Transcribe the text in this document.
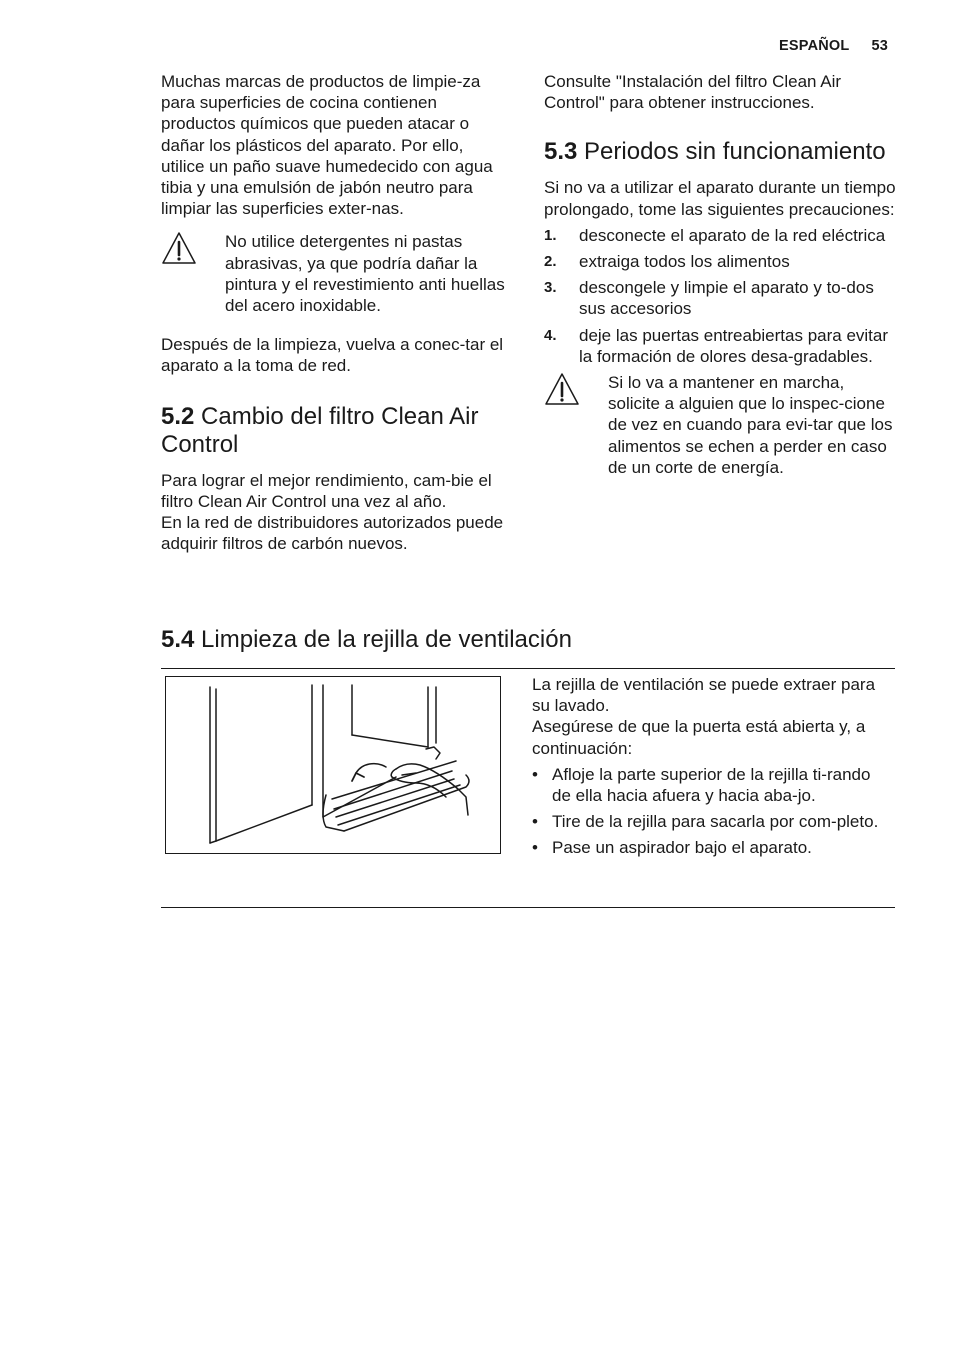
ESPAÑOL 53

Muchas marcas de productos de limpie-za para superficies de cocina contienen productos químicos que pueden atacar o dañar los plásticos del aparato. Por ello, utilice un paño suave humedecido con agua tibia y una emulsión de jabón neutro para limpiar las superficies exter-nas.

No utilice detergentes ni pastas abrasivas, ya que podría dañar la pintura y el revestimiento anti huellas del acero inoxidable.

Después de la limpieza, vuelva a conec-tar el aparato a la toma de red.

5.2 Cambio del filtro Clean Air Control

Para lograr el mejor rendimiento, cam-bie el filtro Clean Air Control una vez al año.

En la red de distribuidores autorizados puede adquirir filtros de carbón nuevos.

Consulte "Instalación del filtro Clean Air Control" para obtener instrucciones.

5.3 Periodos sin funcionamiento

Si no va a utilizar el aparato durante un tiempo prolongado, tome las siguientes precauciones:

1. desconecte el aparato de la red eléctrica
2. extraiga todos los alimentos
3. descongele y limpie el aparato y to-dos sus accesorios
4. deje las puertas entreabiertas para evitar la formación de olores desa-gradables.

Si lo va a mantener en marcha, solicite a alguien que lo inspec-cione de vez en cuando para evi-tar que los alimentos se echen a perder en caso de un corte de energía.

5.4 Limpieza de la rejilla de ventilación

La rejilla de ventilación se puede extraer para su lavado.

Asegúrese de que la puerta está abierta y, a continuación:

• Afloje la parte superior de la rejilla ti-rando de ella hacia afuera y hacia aba-jo.
• Tire de la rejilla para sacarla por com-pleto.
• Pase un aspirador bajo el aparato.
